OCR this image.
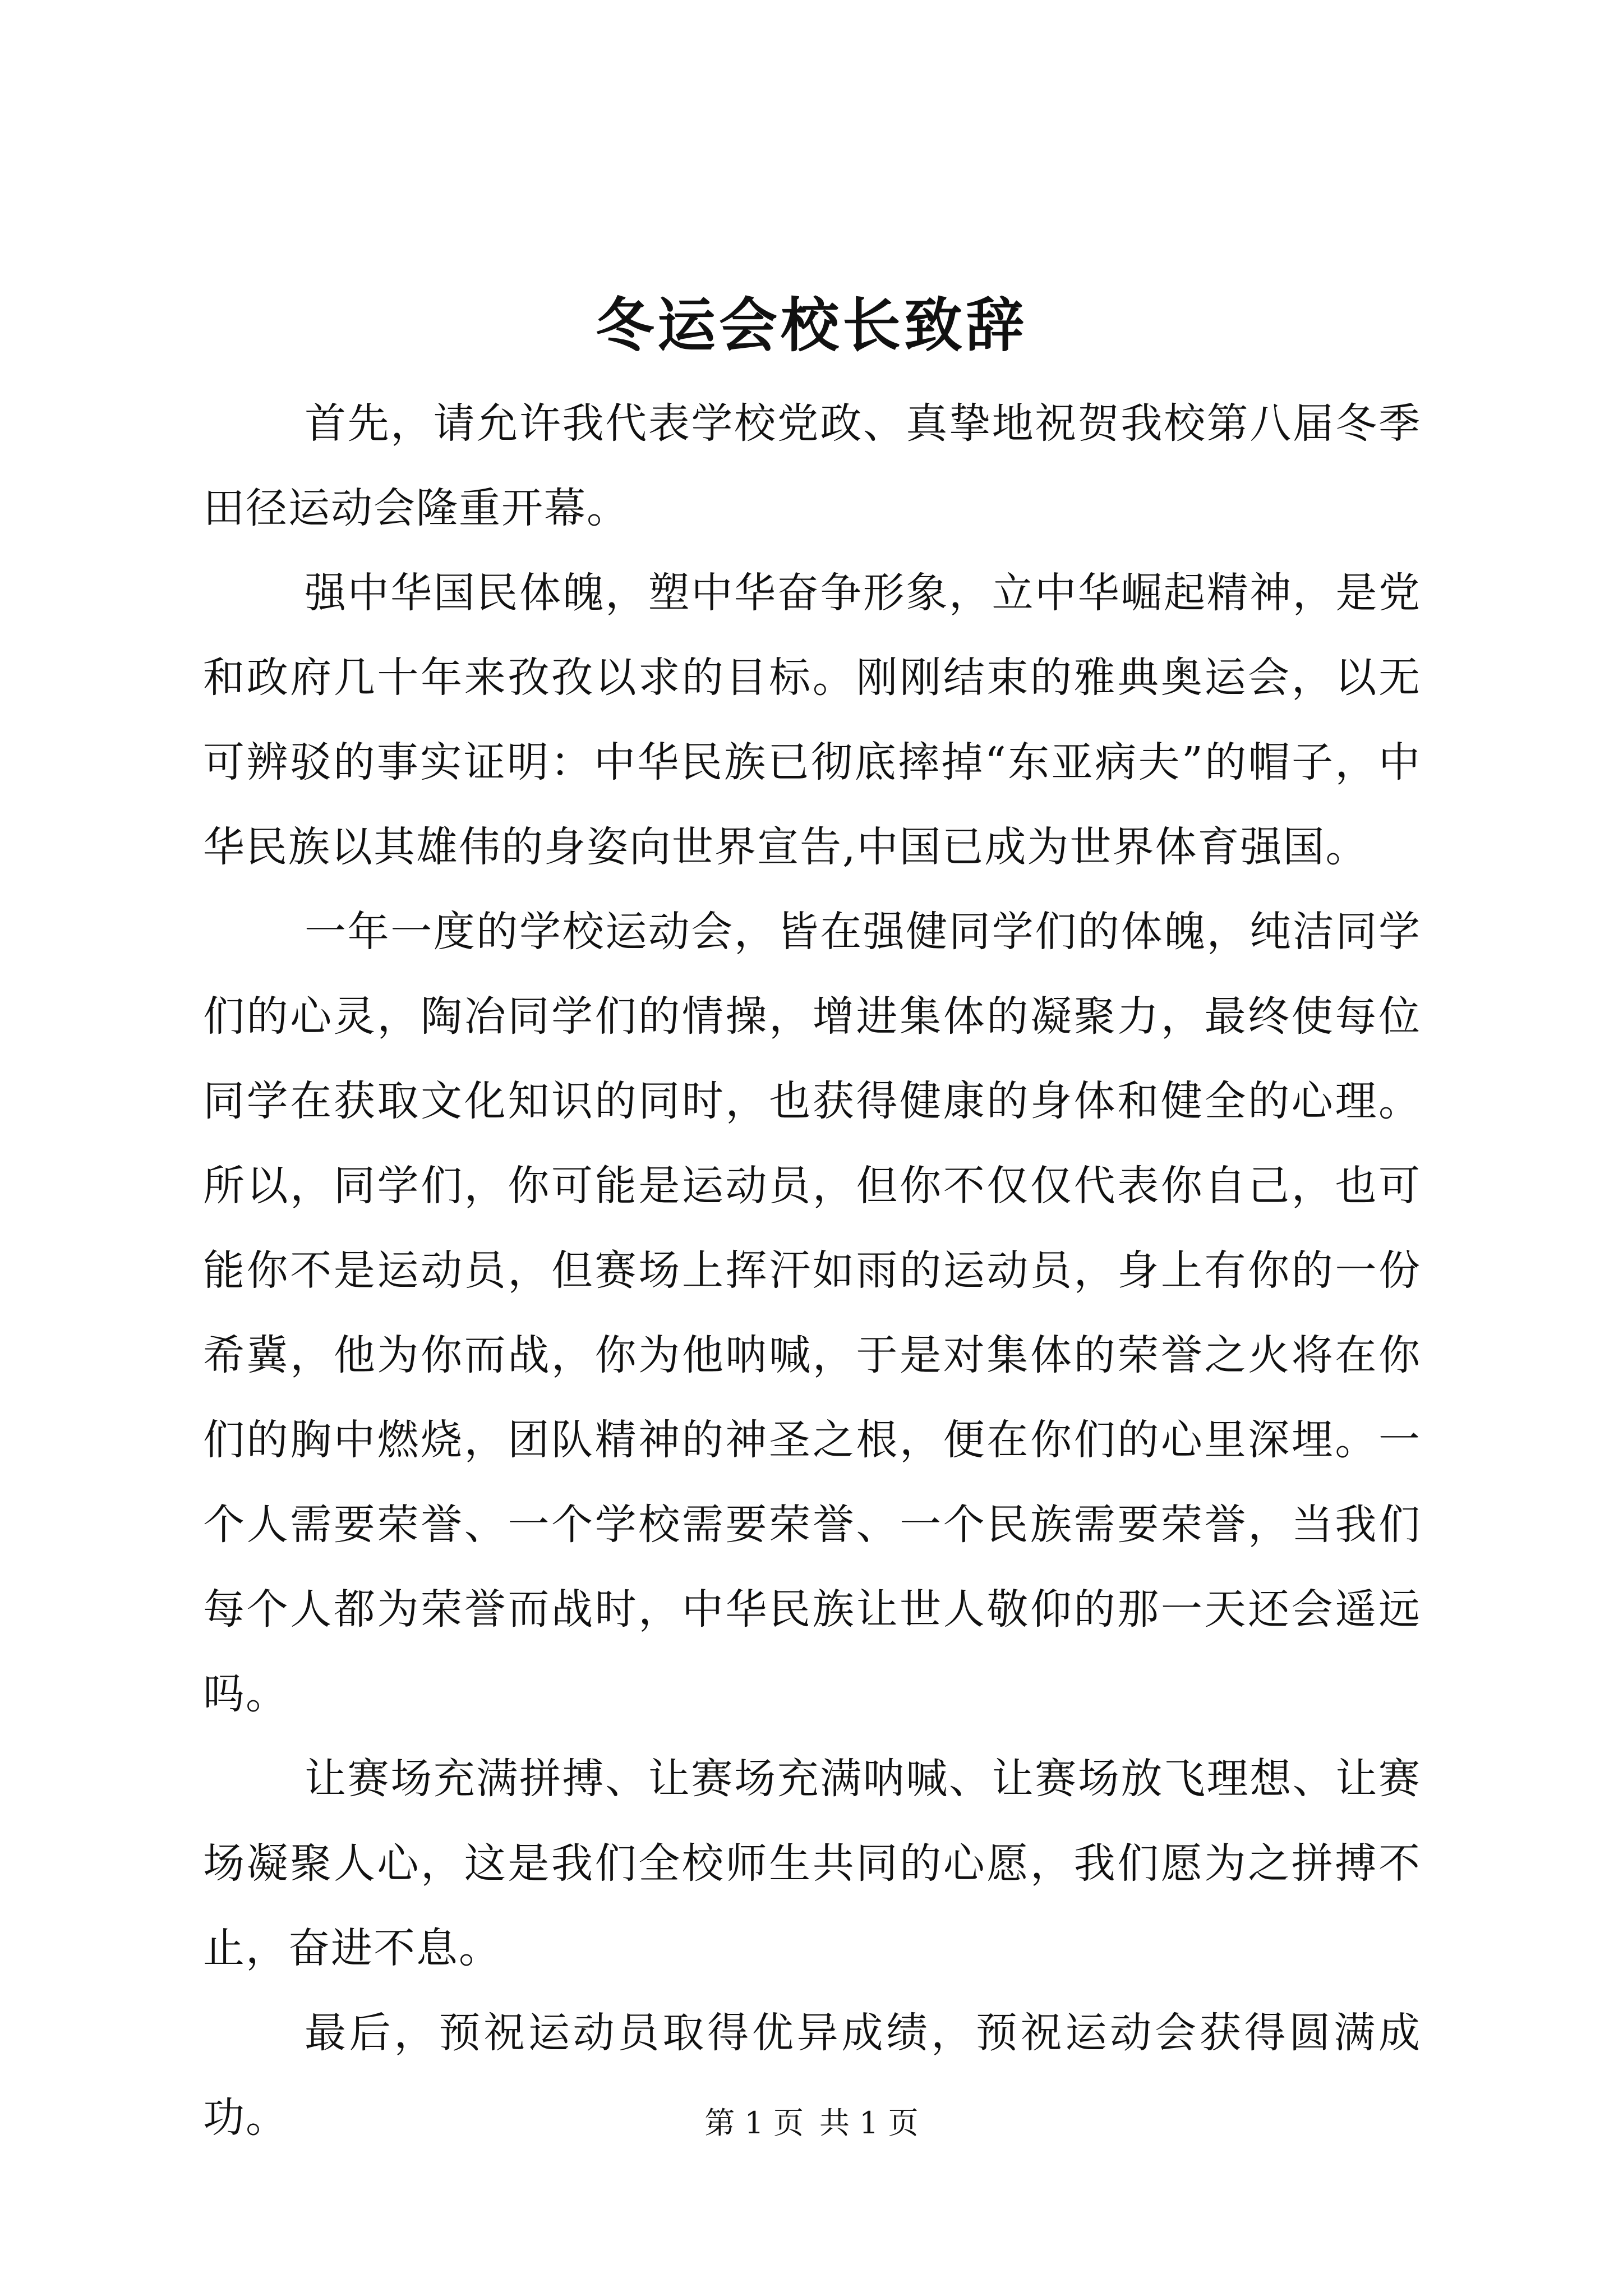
冬运会校长致辞

首先，请允许我代表学校党政、真挚地祝贺我校第八届冬季田径运动会隆重开幕。

强中华国民体魄，塑中华奋争形象，立中华崛起精神，是党和政府几十年来孜孜以求的目标。刚刚结束的雅典奥运会，以无可辨驳的事实证明：中华民族已彻底摔掉“东亚病夫”的帽子，中华民族以其雄伟的身姿向世界宣告,中国已成为世界体育强国。

一年一度的学校运动会，皆在强健同学们的体魄，纯洁同学们的心灵，陶冶同学们的情操，增进集体的凝聚力，最终使每位同学在获取文化知识的同时，也获得健康的身体和健全的心理。所以，同学们，你可能是运动员，但你不仅仅代表你自己，也可能你不是运动员，但赛场上挥汗如雨的运动员，身上有你的一份希冀，他为你而战，你为他呐喊，于是对集体的荣誉之火将在你们的胸中燃烧，团队精神的神圣之根，便在你们的心里深埋。一个人需要荣誉、一个学校需要荣誉、一个民族需要荣誉，当我们每个人都为荣誉而战时，中华民族让世人敬仰的那一天还会遥远吗。

让赛场充满拼搏、让赛场充满呐喊、让赛场放飞理想、让赛场凝聚人心，这是我们全校师生共同的心愿，我们愿为之拼搏不止，奋进不息。

最后，预祝运动员取得优异成绩，预祝运动会获得圆满成功。	第 1 页 共 1 页
